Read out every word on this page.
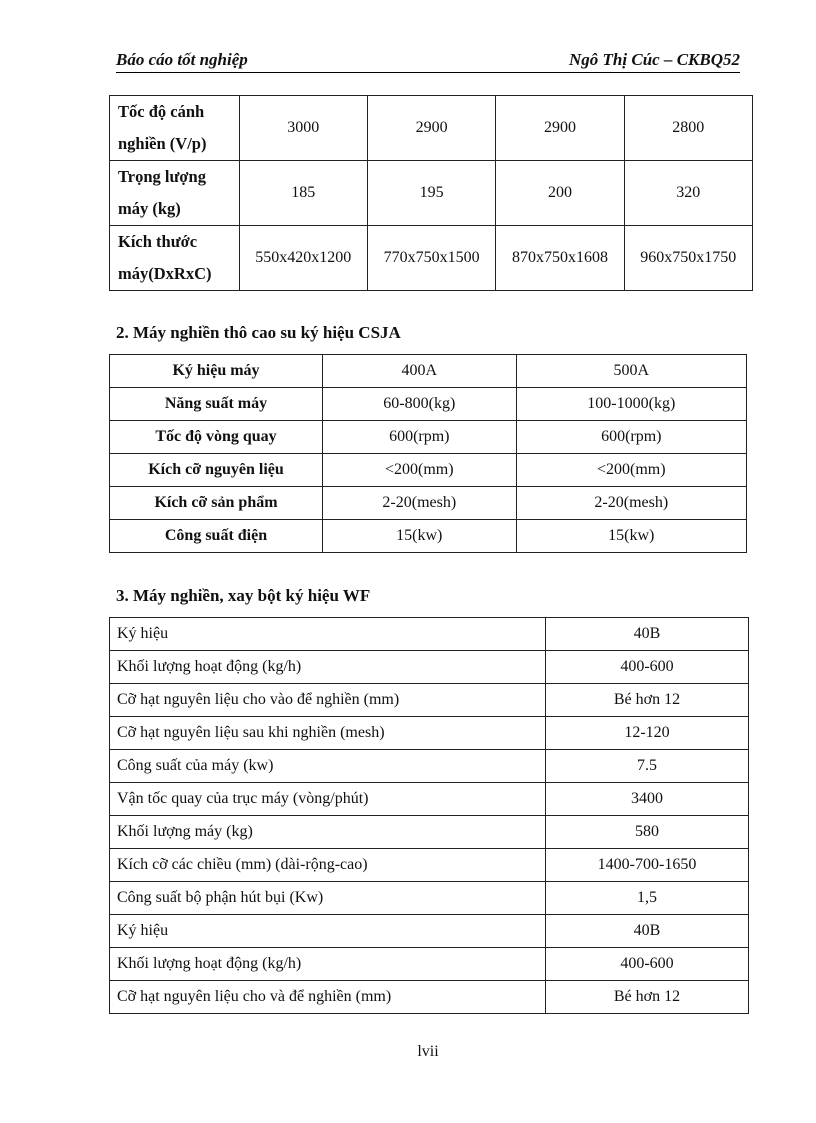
Báo cáo tốt nghiệp	Ngô Thị Cúc – CKBQ52
Tốc độ cánh
nghiền (V/p)	3000	2900	2900	2800
Trọng lượng
máy (kg)	185	195	200	320
Kích thước
máy(DxRxC)	550x420x1200	770x750x1500	870x750x1608	960x750x1750
2. Máy nghiền thô cao su ký hiệu CSJA
Ký hiệu máy	400A	500A
Năng suất máy	60-800(kg)	100-1000(kg)
Tốc độ vòng quay	600(rpm)	600(rpm)
Kích cỡ nguyên liệu	<200(mm)	<200(mm)
Kích cỡ sản phẩm	2-20(mesh)	2-20(mesh)
Công suất điện	15(kw)	15(kw)
3. Máy nghiền, xay bột ký hiệu WF
Ký hiệu	40B
Khối lượng hoạt động (kg/h)	400-600
Cỡ hạt nguyên liệu cho vào để nghiền (mm)	Bé hơn 12
Cỡ hạt nguyên liệu sau khi nghiền (mesh)	12-120
Công suất của máy (kw)	7.5
Vận tốc quay của trục máy (vòng/phút)	3400
Khối lượng máy (kg)	580
Kích cỡ các chiều (mm) (dài-rộng-cao)	1400-700-1650
Công suất bộ phận hút bụi (Kw)	1,5
Ký hiệu	40B
Khối lượng hoạt động (kg/h)	400-600
Cỡ hạt nguyên liệu cho và để nghiền (mm)	Bé hơn 12
lvii
